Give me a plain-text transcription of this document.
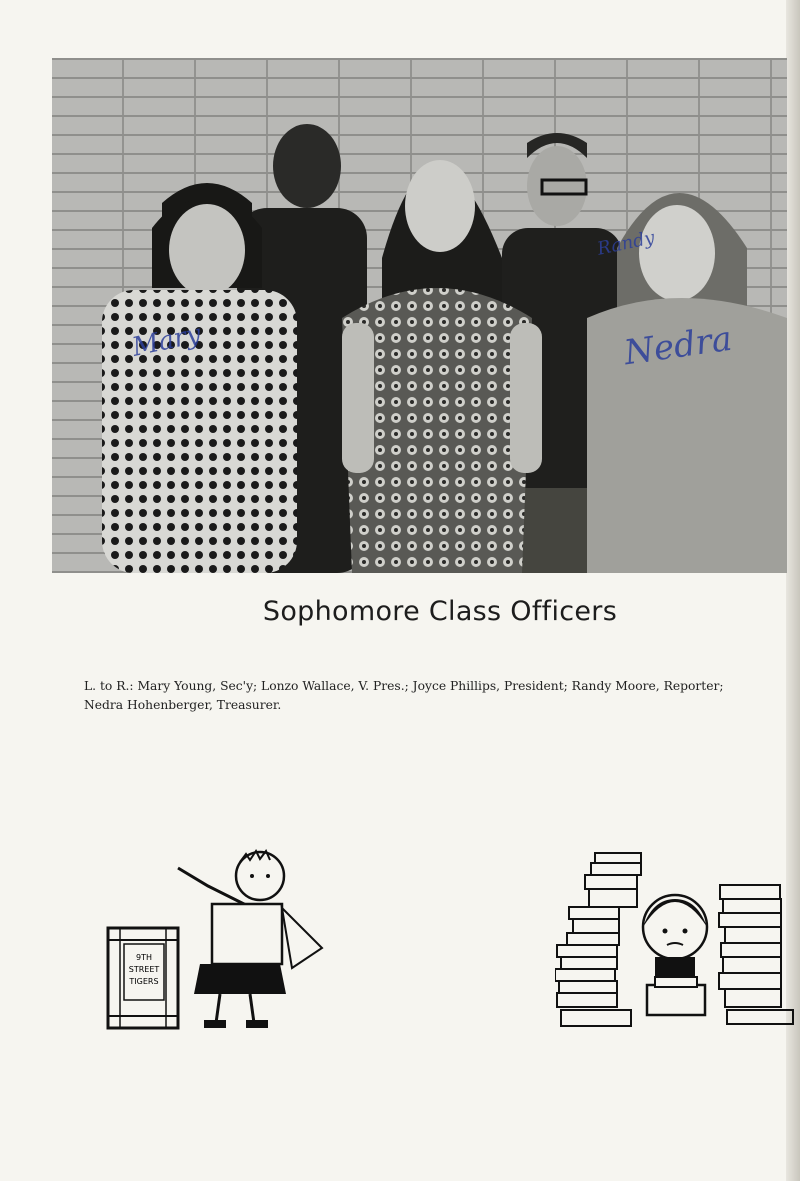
Mary
Randy
Nedra
Sophomore Class Officers
L. to R.: Mary Young, Sec'y; Lonzo Wallace, V. Pres.; Joyce Phillips, President; Randy Moore, Reporter;
Nedra Hohenberger, Treasurer.
9TH
STREET
TIGERS
